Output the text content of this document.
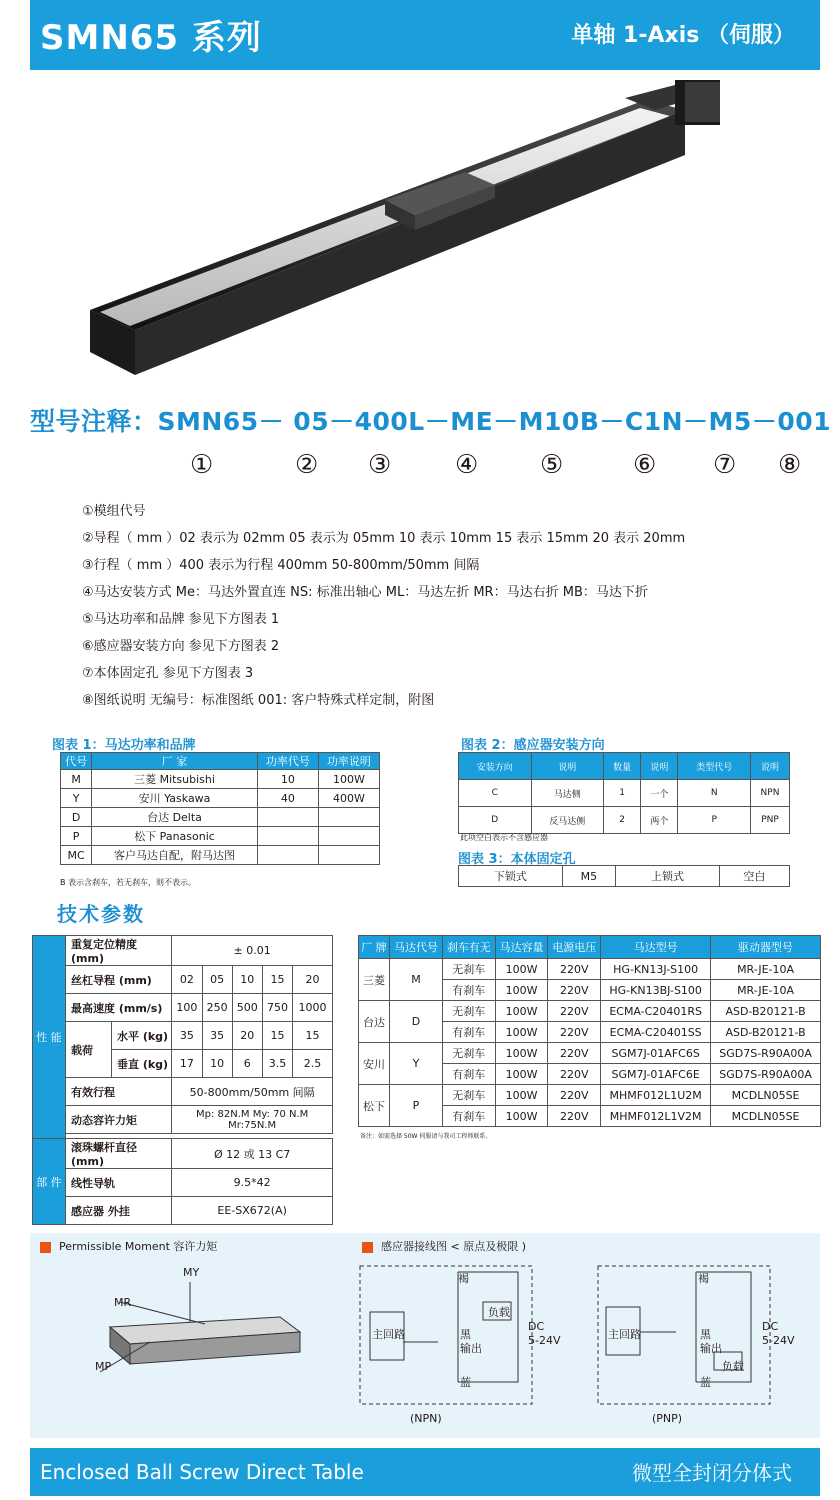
SMN65 系列	单轴 1-Axis （伺服）
型号注释：SMN65－ 05－400L－ME－M10B－C1N－M5－001
①	② ③ ④ ⑤	⑥ ⑦ ⑧
①模组代号
②导程（ mm ）02 表示为 02mm 05 表示为 05mm 10 表示 10mm 15 表示 15mm 20 表示 20mm
③行程（ mm ）400 表示为行程 400mm 50-800mm/50mm 间隔
④马达安装方式 Me：马达外置直连 NS: 标准出轴心 ML：马达左折 MR：马达右折 MB：马达下折
⑤马达功率和品牌 参见下方图表 1
⑥感应器安装方向 参见下方图表 2
⑦本体固定孔 参见下方图表 3
⑧图纸说明 无编号：标准图纸 001: 客户特殊式样定制，附图
图表 1：马达功率和品牌
代号	厂 家	功率代号	功率说明
M	三菱 Mitsubishi	10	100W
Y	安川 Yaskawa	40	400W
D	台达 Delta		
P	松下 Panasonic		
MC	客户马达自配，附马达图		
B 表示含刹车，若无刹车，则不表示。
图表 2：感应器安装方向
安装方向	说明	数量	说明	类型代号	说明
C	马达侧	1	一个	N	NPN
D	反马达侧	2	两个	P	PNP
此项空白表示不含感应器
图表 3：本体固定孔
下锁式	M5	上锁式	空白
技术参数
性 能	重复定位精度 (mm)		± 0.01				
	丝杠导程 (mm)		02	05	10	15	20
	最高速度 (mm/s)		100	250	500	750	1000
	载荷	水平 (kg)	35	35	20	15	15
		垂直 (kg)	17	10	6	3.5	2.5
	有效行程		50-800mm/50mm 间隔				
	动态容许力矩		Mp: 82N.M My: 70 N.M Mr:75N.M				

部 件	滚珠螺杆直径 (mm)		Ø 12 或 13 C7				
	线性导轨		9.5*42				
	感应器 外挂		EE-SX672(A)				
厂 牌	马达代号	刹车有无	马达容量	电源电压	马达型号	驱动器型号
三菱	M	无刹车	100W	220V	HG-KN13J-S100	MR-JE-10A
		有刹车	100W	220V	HG-KN13BJ-S100	MR-JE-10A
台达	D	无刹车	100W	220V	ECMA-C20401RS	ASD-B20121-B
		有刹车	100W	220V	ECMA-C20401SS	ASD-B20121-B
安川	Y	无刹车	100W	220V	SGM7J-01AFC6S	SGD7S-R90A00A
		有刹车	100W	220V	SGM7J-01AFC6E	SGD7S-R90A00A
松下	P	无刹车	100W	220V	MHMF012L1U2M	MCDLN05SE
		有刹车	100W	220V	MHMF012L1V2M	MCDLN05SE
备注：如需选择 50W 伺服请与我司工程师联系。
Permissible Moment 容许力矩	感应器接线图 < 原点及极限 )
MY
MR
MP
褐
负载
主回路	黑
输出
蓝
DC
5-24V
(NPN)
褐
主回路	黑
输出
负载
蓝
DC
5-24V
(PNP)
Enclosed Ball Screw Direct Table	微型全封闭分体式
